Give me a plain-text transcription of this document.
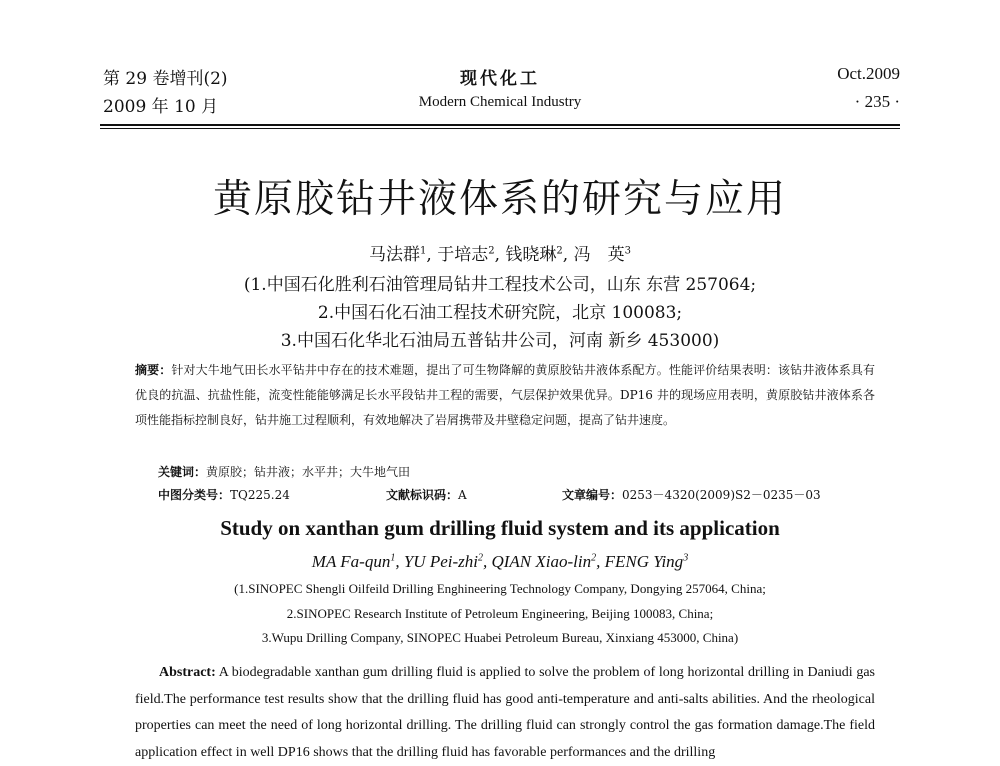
第 29 卷增刊(2)
2009 年 10 月
现代化工
Modern Chemical Industry
Oct.2009
· 235 ·
黄原胶钻井液体系的研究与应用
马法群$^1$, 于培志$^2$, 钱晓琳$^2$, 冯　英$^3$
(1.中国石化胜利石油管理局钻井工程技术公司，山东 东营 257064;
2.中国石化石油工程技术研究院，北京 100083;
3.中国石化华北石油局五普钻井公司，河南 新乡 453000)
摘要：针对大牛地气田长水平钻井中存在的技术难题，提出了可生物降解的黄原胶钻井液体系配方。性能评价结果表明：该钻井液体系具有优良的抗温、抗盐性能，流变性能能够满足长水平段钻井工程的需要，气层保护效果优异。DP16 井的现场应用表明，黄原胶钻井液体系各项性能指标控制良好，钻井施工过程顺利，有效地解决了岩屑携带及井壁稳定问题，提高了钻井速度。
关键词：黄原胶；钻井液；水平井；大牛地气田
中图分类号：TQ225.24	文献标识码：A	文章编号：0253－4320(2009)S2－0235－03
Study on xanthan gum drilling fluid system and its application
MA Fa-qun$^1$, YU Pei-zhi$^2$, QIAN Xiao-lin$^2$, FENG Ying$^3$
(1.SINOPEC Shengli Oilfeild Drilling Enghineering Technology Company, Dongying 257064, China;
2.SINOPEC Research Institute of Petroleum Engineering, Beijing 100083, China;
3.Wupu Drilling Company, SINOPEC Huabei Petroleum Bureau, Xinxiang 453000, China)
Abstract: A biodegradable xanthan gum drilling fluid is applied to solve the problem of long horizontal drilling in Daniudi gas field.The performance test results show that the drilling fluid has good anti-temperature and anti-salts abilities. And the rheological properties can meet the need of long horizontal drilling. The drilling fluid can strongly control the gas formation damage.The field application effect in well DP16 shows that the drilling fluid has favorable performances and the drilling
